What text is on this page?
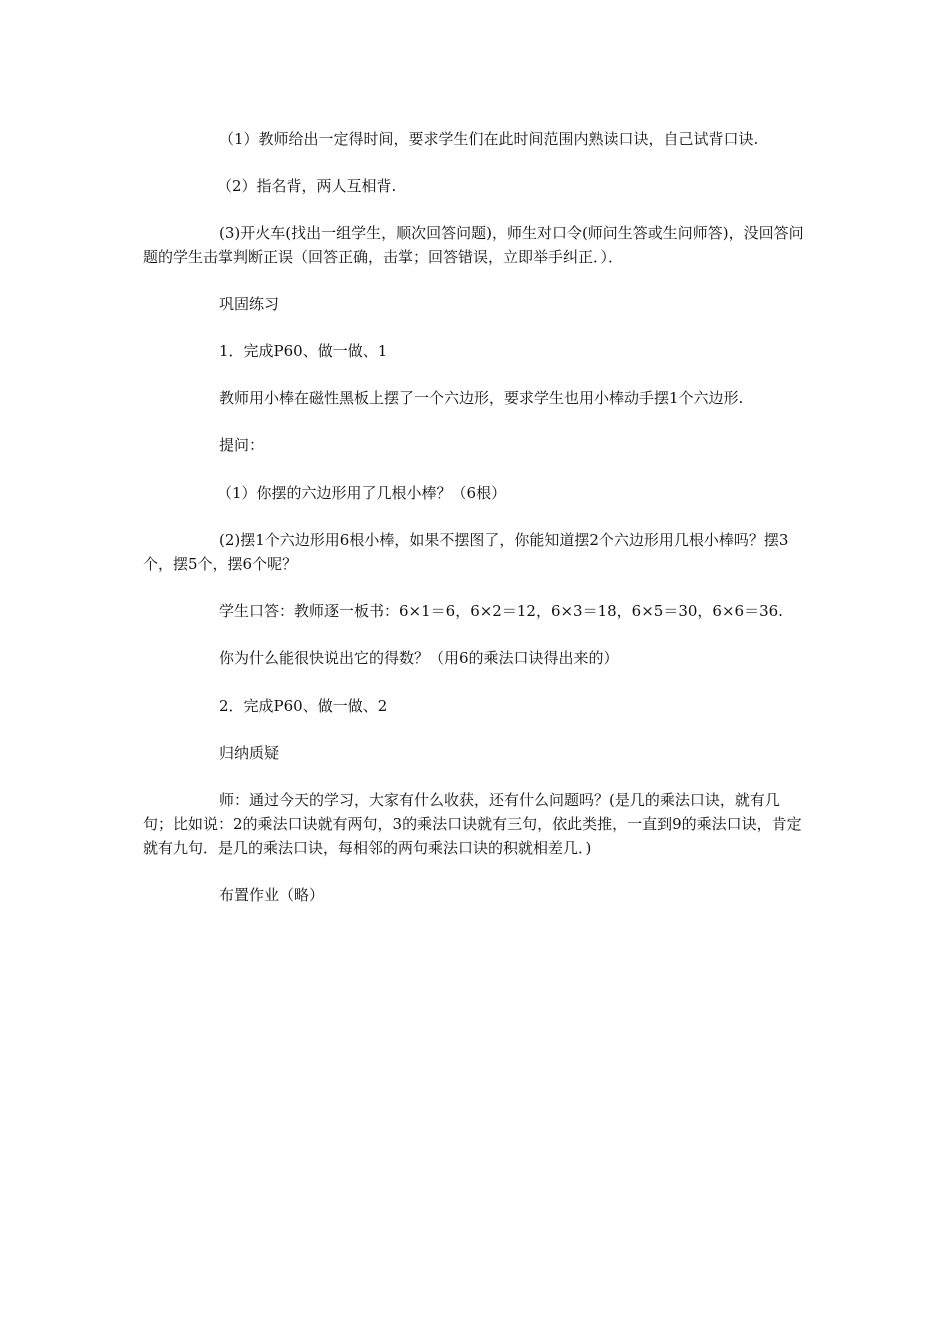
（1）教师给出一定得时间，要求学生们在此时间范围内熟读口诀，自己试背口诀.

（2）指名背，两人互相背.

(3)开火车(找出一组学生，顺次回答问题)，师生对口令(师问生答或生问师答)，没回答问题的学生击掌判断正误（回答正确，击掌；回答错误，立即举手纠正．）．

巩固练习

1．完成P60、做一做、1

教师用小棒在磁性黑板上摆了一个六边形，要求学生也用小棒动手摆1个六边形.

提问：

（1）你摆的六边形用了几根小棒？（6根）

(2)摆1个六边形用6根小棒，如果不摆图了，你能知道摆2个六边形用几根小棒吗？摆3个，摆5个，摆6个呢？

学生口答：教师逐一板书：6×1＝6，6×2＝12，6×3＝18，6×5＝30，6×6＝36.

你为什么能很快说出它的得数？（用6的乘法口诀得出来的）

2．完成P60、做一做、2

归纳质疑

师：通过今天的学习，大家有什么收获，还有什么问题吗？(是几的乘法口诀，就有几句；比如说：2的乘法口诀就有两句，3的乘法口诀就有三句，依此类推，一直到9的乘法口诀，肯定就有九句．是几的乘法口诀，每相邻的两句乘法口诀的积就相差几．)

布置作业（略）
